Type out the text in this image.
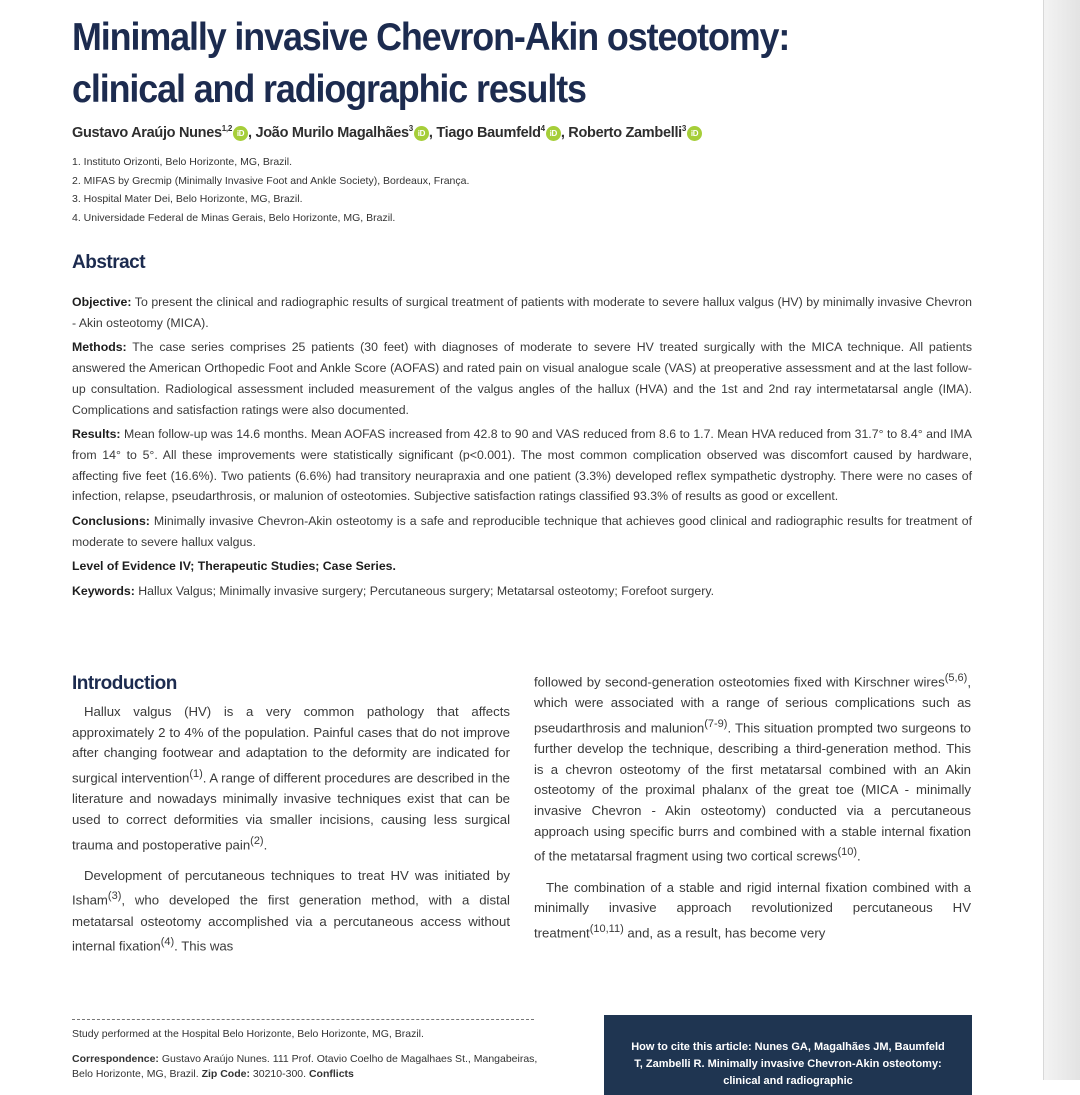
Minimally invasive Chevron-Akin osteotomy: clinical and radiographic results
Gustavo Araújo Nunes$^{1,2}$ iD , João Murilo Magalhães$^3$ iD , Tiago Baumfeld$^4$ iD , Roberto Zambelli$^3$ iD
1. Instituto Orizonti, Belo Horizonte, MG, Brazil.
2. MIFAS by Grecmip (Minimally Invasive Foot and Ankle Society), Bordeaux, França.
3. Hospital Mater Dei, Belo Horizonte, MG, Brazil.
4. Universidade Federal de Minas Gerais, Belo Horizonte, MG, Brazil.
Abstract

Objective: To present the clinical and radiographic results of surgical treatment of patients with moderate to severe hallux valgus (HV) by minimally invasive Chevron - Akin osteotomy (MICA).

Methods: The case series comprises 25 patients (30 feet) with diagnoses of moderate to severe HV treated surgically with the MICA technique. All patients answered the American Orthopedic Foot and Ankle Score (AOFAS) and rated pain on visual analogue scale (VAS) at preoperative assessment and at the last follow-up consultation. Radiological assessment included measurement of the valgus angles of the hallux (HVA) and the 1st and 2nd ray intermetatarsal angle (IMA). Complications and satisfaction ratings were also documented.

Results: Mean follow-up was 14.6 months. Mean AOFAS increased from 42.8 to 90 and VAS reduced from 8.6 to 1.7. Mean HVA reduced from 31.7° to 8.4° and IMA from 14° to 5°. All these improvements were statistically significant (p<0.001). The most common complication observed was discomfort caused by hardware, affecting five feet (16.6%). Two patients (6.6%) had transitory neurapraxia and one patient (3.3%) developed reflex sympathetic dystrophy. There were no cases of infection, relapse, pseudarthrosis, or malunion of osteotomies. Subjective satisfaction ratings classified 93.3% of results as good or excellent.

Conclusions: Minimally invasive Chevron-Akin osteotomy is a safe and reproducible technique that achieves good clinical and radiographic results for treatment of moderate to severe hallux valgus.

Level of Evidence IV; Therapeutic Studies; Case Series.

Keywords: Hallux Valgus; Minimally invasive surgery; Percutaneous surgery; Metatarsal osteotomy; Forefoot surgery.

Introduction

Hallux valgus (HV) is a very common pathology that affects approximately 2 to 4% of the population. Painful cases that do not improve after changing footwear and adaptation to the deformity are indicated for surgical intervention$^{(1)}$. A range of different procedures are described in the literature and nowadays minimally invasive techniques exist that can be used to correct deformities via smaller incisions, causing less surgical trauma and postoperative pain$^{(2)}$.

Development of percutaneous techniques to treat HV was initiated by Isham$^{(3)}$, who developed the first generation method, with a distal metatarsal osteotomy accomplished via a percutaneous access without internal fixation$^{(4)}$. This was

followed by second-generation osteotomies fixed with Kirschner wires$^{(5,6)}$, which were associated with a range of serious complications such as pseudarthrosis and malunion$^{(7-9)}$. This situation prompted two surgeons to further develop the technique, describing a third-generation method. This is a chevron osteotomy of the first metatarsal combined with an Akin osteotomy of the proximal phalanx of the great toe (MICA - minimally invasive Chevron - Akin osteotomy) conducted via a percutaneous approach using specific burrs and combined with a stable internal fixation of the metatarsal fragment using two cortical screws$^{(10)}$.

The combination of a stable and rigid internal fixation combined with a minimally invasive approach revolutionized percutaneous HV treatment$^{(10,11)}$ and, as a result, has become very

Study performed at the Hospital Belo Horizonte, Belo Horizonte, MG, Brazil.
Correspondence: Gustavo Araújo Nunes. 111 Prof. Otavio Coelho de Magalhaes St., Mangabeiras, Belo Horizonte, MG, Brazil. Zip Code: 30210-300. Conflicts
How to cite this article: Nunes GA, Magalhães JM, Baumfeld T, Zambelli R. Minimally invasive Chevron-Akin osteotomy: clinical and radiographic
